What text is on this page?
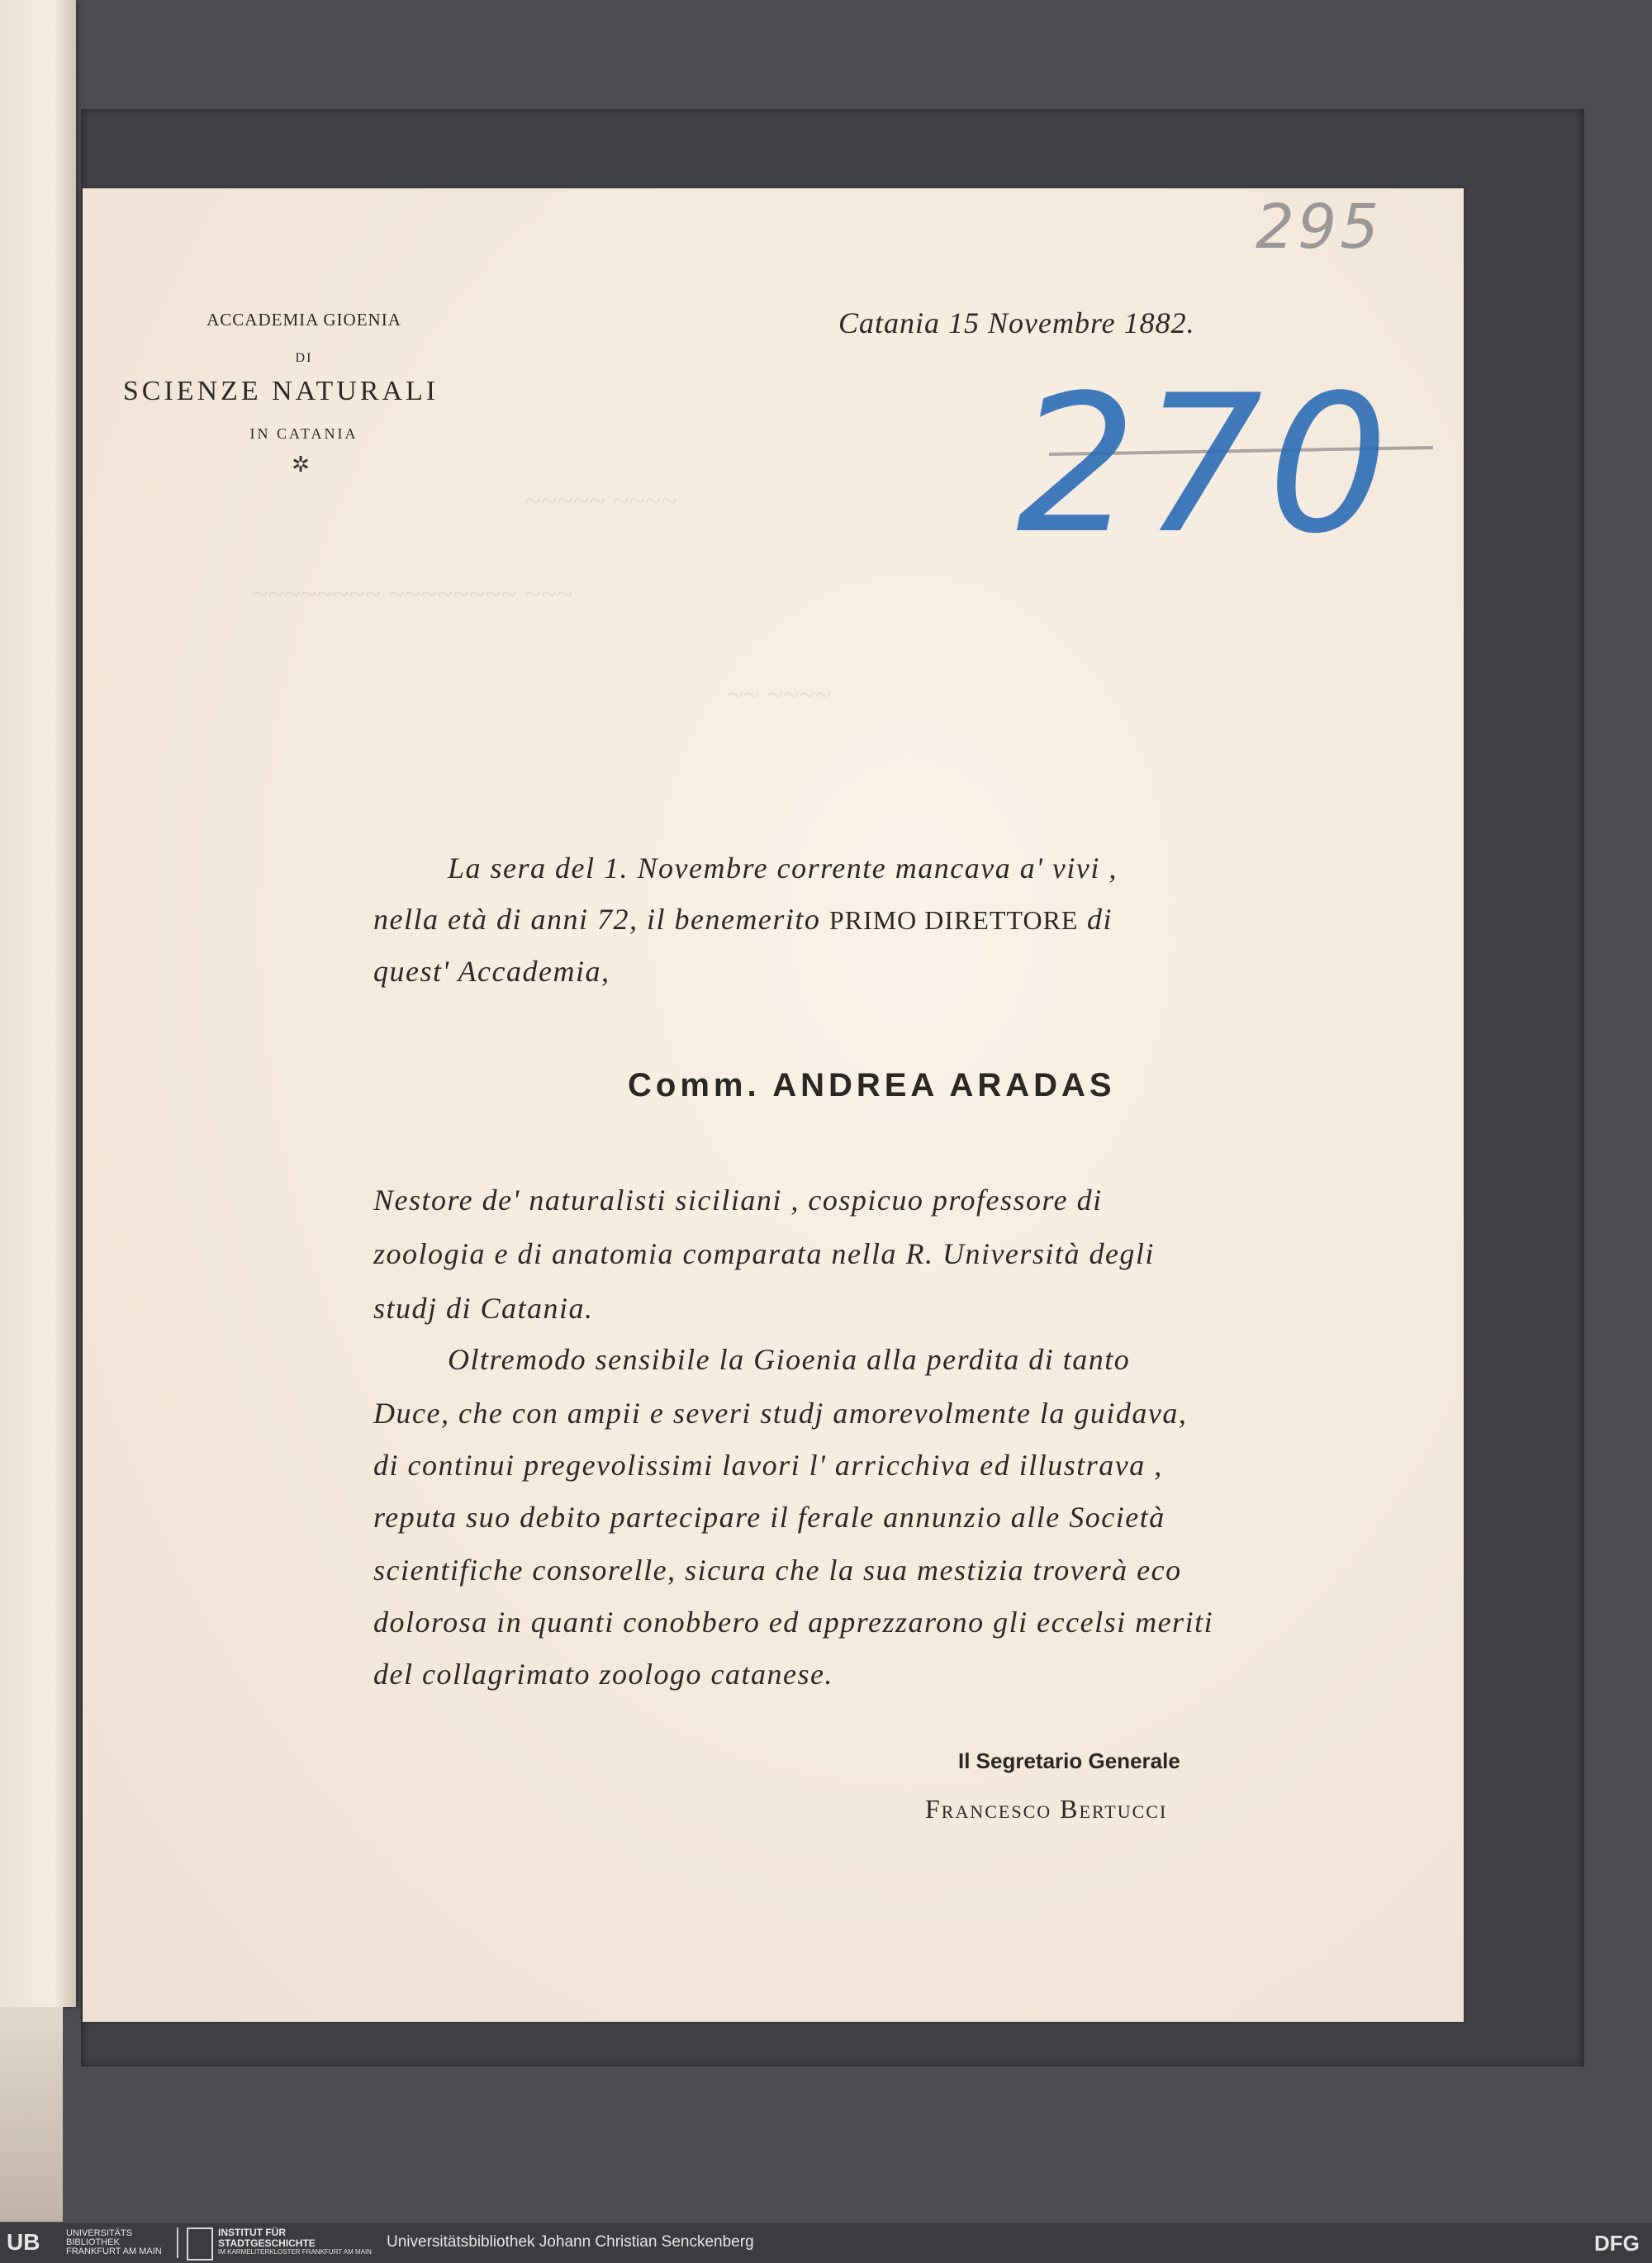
ACCADEMIA GIOENIA
DI
SCIENZE NATURALI
IN CATANIA
✲
Catania 15 Novembre 1882.
295
270
~~~~~ ~~~~
~~~~~~~~ ~~~~~~~~ ~~~
~~ ~~~~
La sera del 1. Novembre corrente mancava a' vivi ,
nella età di anni 72, il benemerito PRIMO DIRETTORE di
quest' Accademia,
Comm. ANDREA ARADAS
Nestore de' naturalisti siciliani , cospicuo professore di
zoologia e di anatomia comparata nella R. Università degli
studj di Catania.
Oltremodo sensibile la Gioenia alla perdita di tanto
Duce, che con ampii e severi studj amorevolmente la guidava,
di continui pregevolissimi lavori l' arricchiva ed illustrava ,
reputa suo debito partecipare il ferale annunzio alle Società
scientifiche consorelle, sicura che la sua mestizia troverà eco
dolorosa in quanti conobbero ed apprezzarono gli eccelsi meriti
del collagrimato zoologo catanese.
Il Segretario Generale
Francesco Bertucci
UB	UNIVERSITÄTS BIBLIOTHEK FRANKFURT AM MAIN
INSTITUT FÜR STADTGESCHICHTE
IM KARMELITERKLOSTER FRANKFURT AM MAIN
Universitätsbibliothek Johann Christian Senckenberg	DFG
